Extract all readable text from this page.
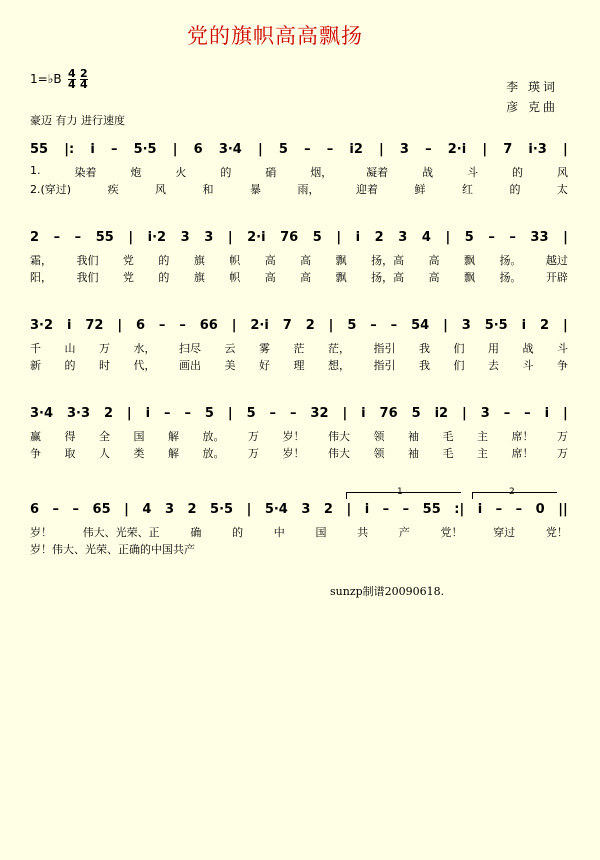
党的旗帜高高飘扬
1=♭B $\frac{4}{4} \frac{2}{4}$	李 瑛词
彦 克曲
豪迈 有力 进行速度
55 |: i – 5·5 | 6 3·4 | 5 – – i2 | 3 – 2·i | 7 i·3 |
1.	染着	炮	火	的	硝	烟，	凝着	战	斗	的	风
2.(穿过)	疾	风	和	暴	雨，	迎着	鲜	红	的	太
2 – – 55 | i·2 3 3 | 2·i 76 5 | i 2 3 4 | 5 – – 33 |
霜， 我们 党 的 旗 帜 高 高 飘 扬，高 高 飘 扬。 越过
阳， 我们 党 的 旗 帜 高 高 飘 扬，高 高 飘 扬。 开辟
3·2 i 72 | 6 – – 66 | 2·i 7 2 | 5 – – 54 | 3 5·5 i 2 |
千 山 万 水， 扫尽 云 雾 茫 茫， 指引 我 们 用 战 斗
新 的 时 代， 画出 美 好 理 想， 指引 我 们 去 斗 争
3·4 3·3 2 | i – – 5 | 5 – – 32 | i 76 5 i2 | 3 – – i |
赢 得 全 国 解 放。 万 岁！ 伟大 领 袖 毛 主 席！ 万
争 取 人 类 解 放。 万 岁！ 伟大 领 袖 毛 主 席！ 万
1	2
6 – – 65 | 4 3 2 5·5 | 5·4 3 2 | i – – 55 :| i – – 0 ||
岁！	伟大、光荣、正	确	的	中	国	共	产	党！	穿过	党！
岁！ 伟大、光荣、正 确 的 中 国 共 产
sunzp制谱20090618.
